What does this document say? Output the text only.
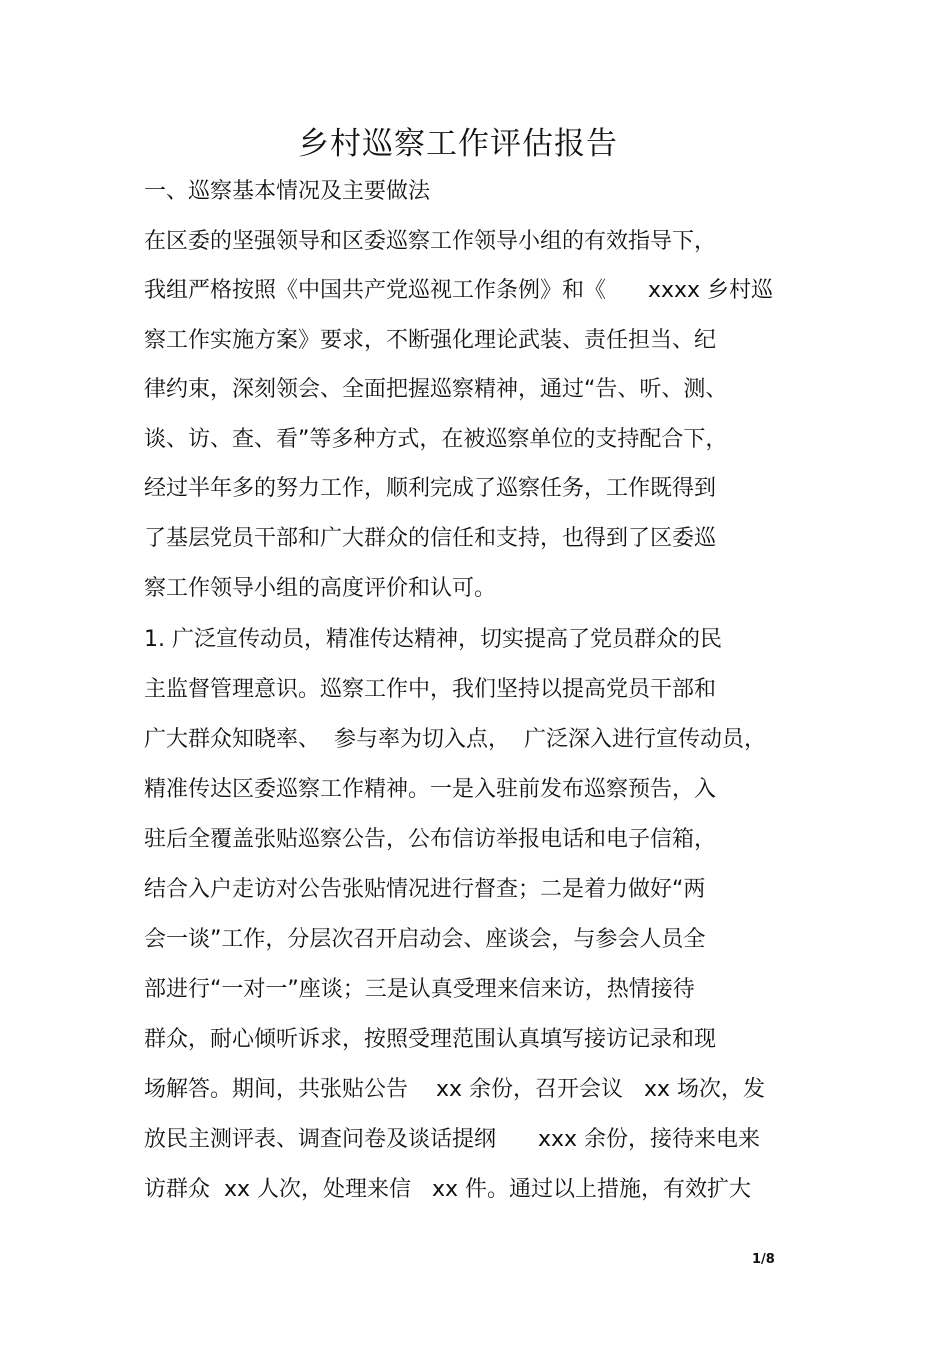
乡村巡察工作评估报告
一、巡察基本情况及主要做法
在区委的坚强领导和区委巡察工作领导小组的有效指导下，
我组严格按照《中国共产党巡视工作条例》和《      xxxx 乡村巡
察工作实施方案》要求，不断强化理论武装、责任担当、纪
律约束，深刻领会、全面把握巡察精神，通过“告、听、测、
谈、访、查、看”等多种方式，在被巡察单位的支持配合下，
经过半年多的努力工作，顺利完成了巡察任务，工作既得到
了基层党员干部和广大群众的信任和支持，也得到了区委巡
察工作领导小组的高度评价和认可。
1. 广泛宣传动员，精准传达精神，切实提高了党员群众的民
主监督管理意识。巡察工作中，我们坚持以提高党员干部和
广大群众知晓率、  参与率为切入点，  广泛深入进行宣传动员，
精准传达区委巡察工作精神。一是入驻前发布巡察预告，入
驻后全覆盖张贴巡察公告，公布信访举报电话和电子信箱，
结合入户走访对公告张贴情况进行督查；二是着力做好“两
会一谈”工作，分层次召开启动会、座谈会，与参会人员全
部进行“一对一”座谈；三是认真受理来信来访，热情接待
群众，耐心倾听诉求，按照受理范围认真填写接访记录和现
场解答。期间，共张贴公告    xx 余份，召开会议   xx 场次，发
放民主测评表、调查问卷及谈话提纲      xxx 余份，接待来电来
访群众  xx 人次，处理来信   xx 件。通过以上措施，有效扩大
1/8
